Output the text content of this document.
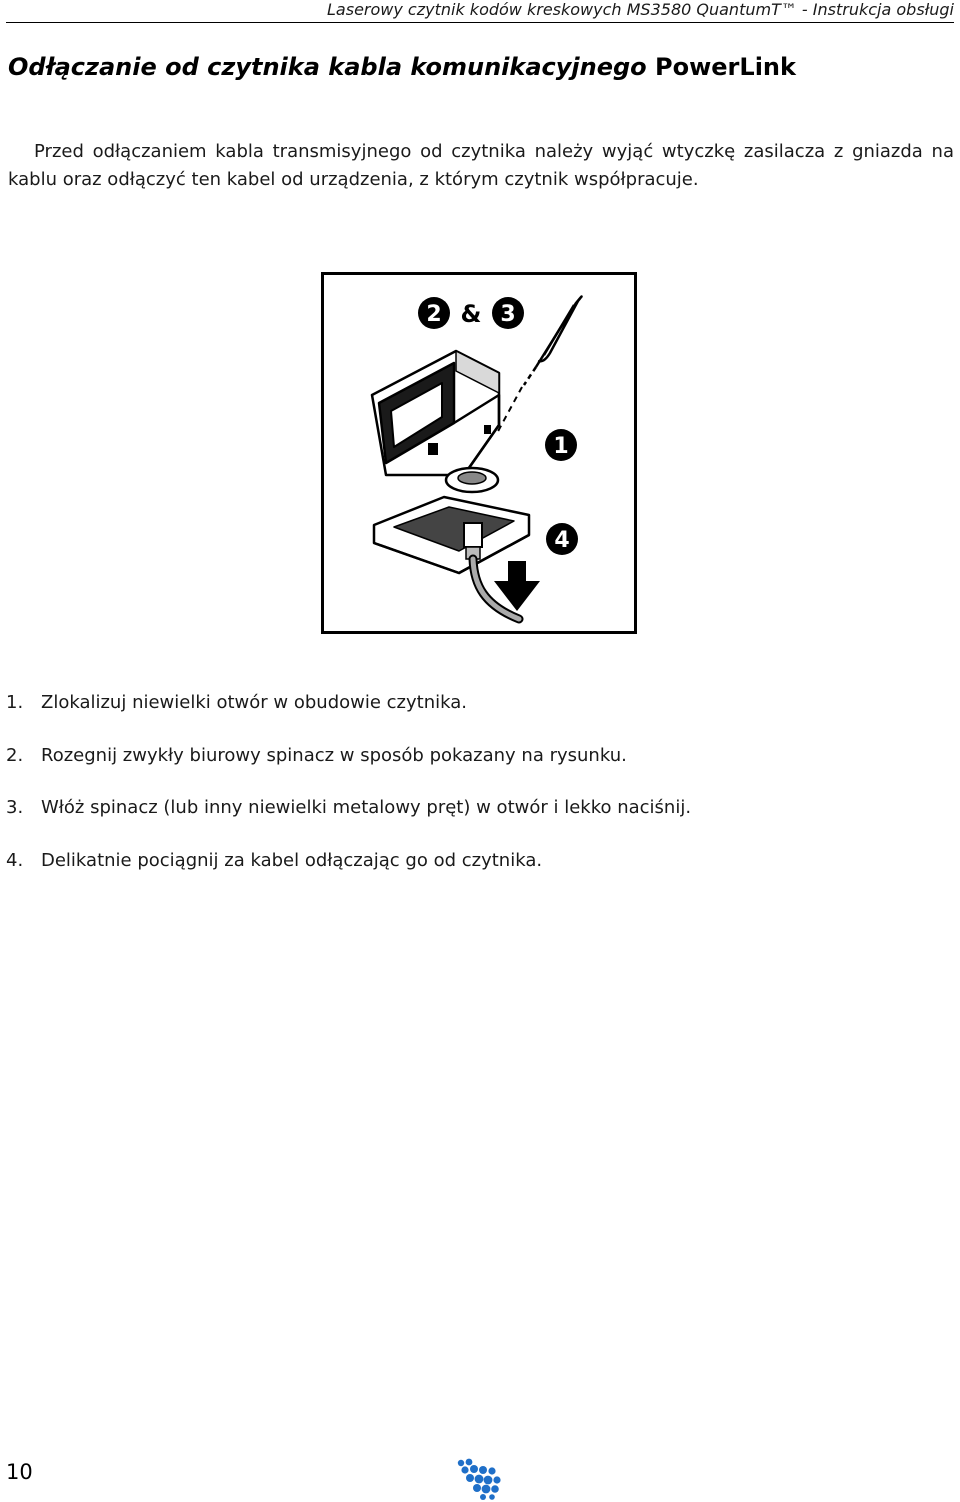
Laserowy czytnik kodów kreskowych MS3580 QuantumT™ - Instrukcja obsługi
Odłączanie od czytnika kabla komunikacyjnego PowerLink

Przed odłączaniem kabla transmisyjnego od czytnika należy wyjąć wtyczkę zasilacza z gniazda na kablu oraz odłączyć ten kabel od urządzenia, z którym czytnik współpracuje.

2 & 3
1
4
1. Zlokalizuj niewielki otwór w obudowie czytnika.
2. Rozegnij zwykły biurowy spinacz w sposób pokazany na rysunku.
3. Włóż spinacz (lub inny niewielki metalowy pręt) w otwór i lekko naciśnij.
4. Delikatnie pociągnij za kabel odłączając go od czytnika.
10
